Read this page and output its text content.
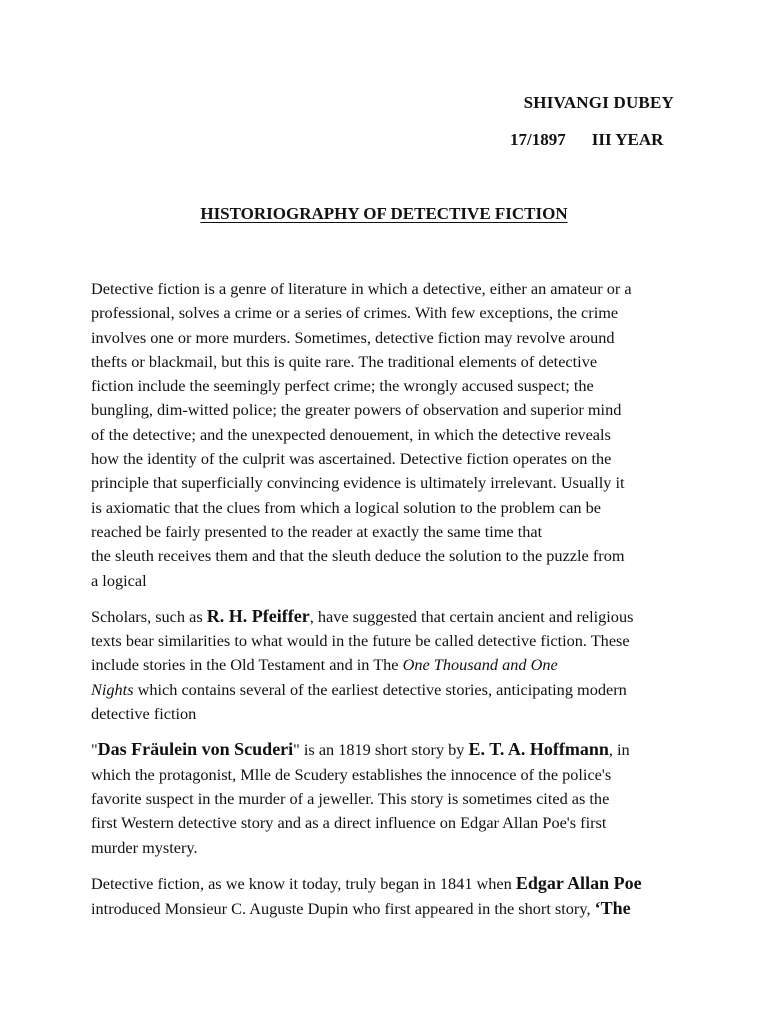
SHIVANGI DUBEY
17/1897 III YEAR
HISTORIOGRAPHY OF DETECTIVE FICTION
Detective fiction is a genre of literature in which a detective, either an amateur or a
professional, solves a crime or a series of crimes. With few exceptions, the crime
involves one or more murders. Sometimes, detective fiction may revolve around
thefts or blackmail, but this is quite rare. The traditional elements of detective
fiction include the seemingly perfect crime; the wrongly accused suspect; the
bungling, dim-witted police; the greater powers of observation and superior mind
of the detective; and the unexpected denouement, in which the detective reveals
how the identity of the culprit was ascertained. Detective fiction operates on the
principle that superficially convincing evidence is ultimately irrelevant. Usually it
is axiomatic that the clues from which a logical solution to the problem can be
reached be fairly presented to the reader at exactly the same time that
the sleuth receives them and that the sleuth deduce the solution to the puzzle from
a logical
Scholars, such as R. H. Pfeiffer, have suggested that certain ancient and religious
texts bear similarities to what would in the future be called detective fiction. These
include stories in the Old Testament and in The One Thousand and One
Nights which contains several of the earliest detective stories, anticipating modern
detective fiction
"Das Fräulein von Scuderi" is an 1819 short story by E. T. A. Hoffmann, in
which the protagonist, Mlle de Scudery establishes the innocence of the police's
favorite suspect in the murder of a jeweller. This story is sometimes cited as the
first Western detective story and as a direct influence on Edgar Allan Poe's first
murder mystery.
Detective fiction, as we know it today, truly began in 1841 when Edgar Allan Poe
introduced Monsieur C. Auguste Dupin who first appeared in the short story, ‘The
